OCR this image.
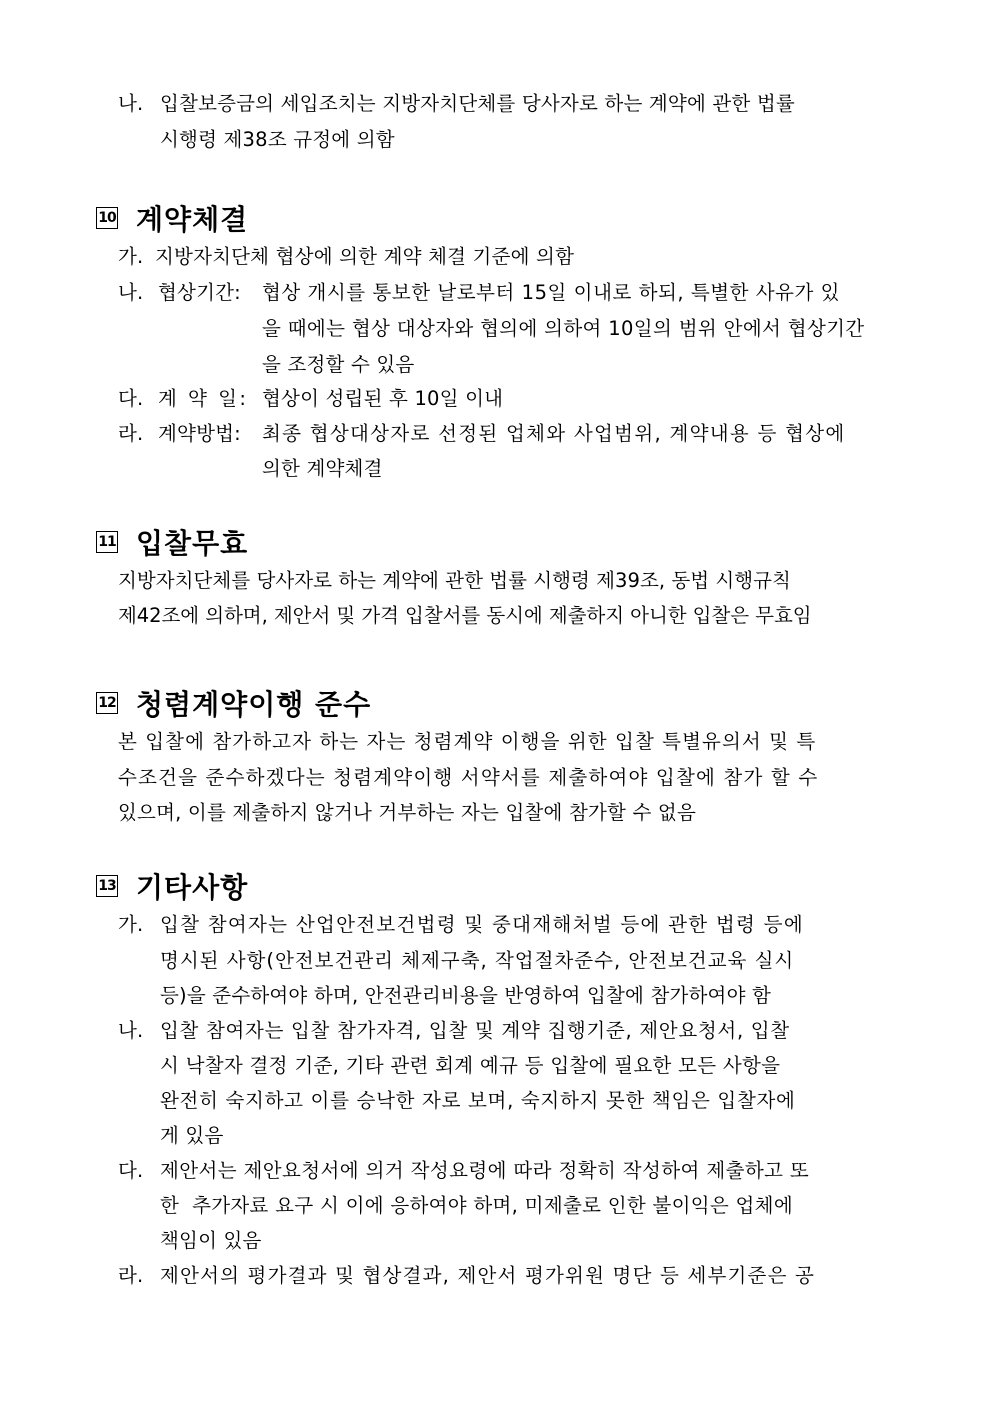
나. 입찰보증금의 세입조치는 지방자치단체를 당사자로 하는 계약에 관한 법률
시행령 제38조 규정에 의함
10 계약체결
가. 지방자치단체 협상에 의한 계약 체결 기준에 의함
나. 협상기간: 협상 개시를 통보한 날로부터 15일 이내로 하되, 특별한 사유가 있
을 때에는 협상 대상자와 협의에 의하여 10일의 범위 안에서 협상기간
을 조정할 수 있음
다. 계 약 일: 협상이 성립된 후 10일 이내
라. 계약방법: 최종 협상대상자로 선정된 업체와 사업범위, 계약내용 등 협상에
의한 계약체결
11 입찰무효
지방자치단체를 당사자로 하는 계약에 관한 법률 시행령 제39조, 동법 시행규칙
제42조에 의하며, 제안서 및 가격 입찰서를 동시에 제출하지 아니한 입찰은 무효임
12 청렴계약이행 준수
본 입찰에 참가하고자 하는 자는 청렴계약 이행을 위한 입찰 특별유의서 및 특
수조건을 준수하겠다는 청렴계약이행 서약서를 제출하여야 입찰에 참가 할 수
있으며, 이를 제출하지 않거나 거부하는 자는 입찰에 참가할 수 없음
13 기타사항
가. 입찰 참여자는 산업안전보건법령 및 중대재해처벌 등에 관한 법령 등에
명시된 사항(안전보건관리 체제구축, 작업절차준수, 안전보건교육 실시
등)을 준수하여야 하며, 안전관리비용을 반영하여 입찰에 참가하여야 함
나. 입찰 참여자는 입찰 참가자격, 입찰 및 계약 집행기준, 제안요청서, 입찰
시 낙찰자 결정 기준, 기타 관련 회계 예규 등 입찰에 필요한 모든 사항을
완전히 숙지하고 이를 승낙한 자로 보며, 숙지하지 못한 책임은 입찰자에
게 있음
다. 제안서는 제안요청서에 의거 작성요령에 따라 정확히 작성하여 제출하고 또
한  추가자료 요구 시 이에 응하여야 하며, 미제출로 인한 불이익은 업체에
책임이 있음
라. 제안서의 평가결과 및 협상결과, 제안서 평가위원 명단 등 세부기준은 공
